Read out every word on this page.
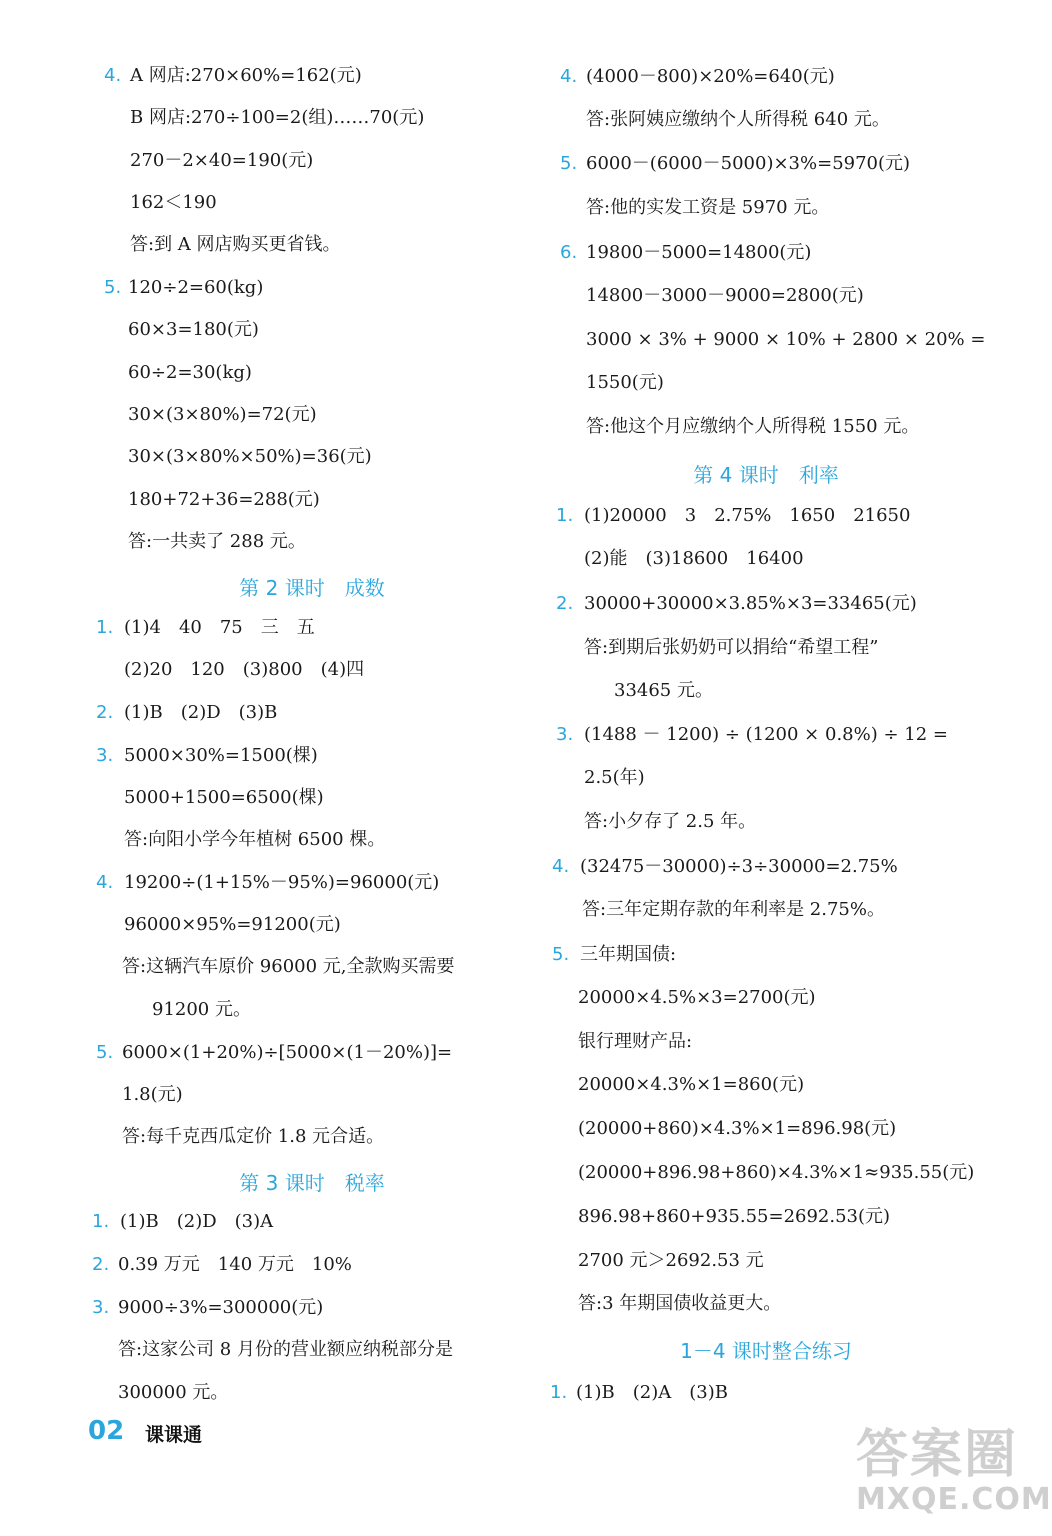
4. A 网店:270×60%=162(元)
B 网店:270÷100=2(组)……70(元)
270－2×40=190(元)
162＜190
答:到 A 网店购买更省钱。
5. 120÷2=60(kg)
60×3=180(元)
60÷2=30(kg)
30×(3×80%)=72(元)
30×(3×80%×50%)=36(元)
180+72+36=288(元)
答:一共卖了 288 元。
第 2 课时　成数
1. (1)4　40　75　三　五
(2)20　120　(3)800　(4)四
2. (1)B　(2)D　(3)B
3. 5000×30%=1500(棵)
5000+1500=6500(棵)
答:向阳小学今年植树 6500 棵。
4. 19200÷(1+15%－95%)=96000(元)
96000×95%=91200(元)
答:这辆汽车原价 96000 元,全款购买需要
91200 元。
5. 6000×(1+20%)÷[5000×(1－20%)]=
1.8(元)
答:每千克西瓜定价 1.8 元合适。
第 3 课时　税率
1. (1)B　(2)D　(3)A
2. 0.39 万元　140 万元　10%
3. 9000÷3%=300000(元)
答:这家公司 8 月份的营业额应纳税部分是
300000 元。
4. (4000－800)×20%=640(元)
答:张阿姨应缴纳个人所得税 640 元。
5. 6000－(6000－5000)×3%=5970(元)
答:他的实发工资是 5970 元。
6. 19800－5000=14800(元)
14800－3000－9000=2800(元)
3000 × 3% + 9000 × 10% + 2800 × 20% =
1550(元)
答:他这个月应缴纳个人所得税 1550 元。
第 4 课时　利率
1. (1)20000　3　2.75%　1650　21650
(2)能　(3)18600　16400
2. 30000+30000×3.85%×3=33465(元)
答:到期后张奶奶可以捐给“希望工程”
33465 元。
3. (1488 － 1200) ÷ (1200 × 0.8%) ÷ 12 =
2.5(年)
答:小夕存了 2.5 年。
4. (32475－30000)÷3÷30000=2.75%
答:三年定期存款的年利率是 2.75%。
5. 三年期国债:
20000×4.5%×3=2700(元)
银行理财产品:
20000×4.3%×1=860(元)
(20000+860)×4.3%×1=896.98(元)
(20000+896.98+860)×4.3%×1≈935.55(元)
896.98+860+935.55=2692.53(元)
2700 元＞2692.53 元
答:3 年期国债收益更大。
1－4 课时整合练习
1. (1)B　(2)A　(3)B
02 课课通	答案圈
MXQE.COM
